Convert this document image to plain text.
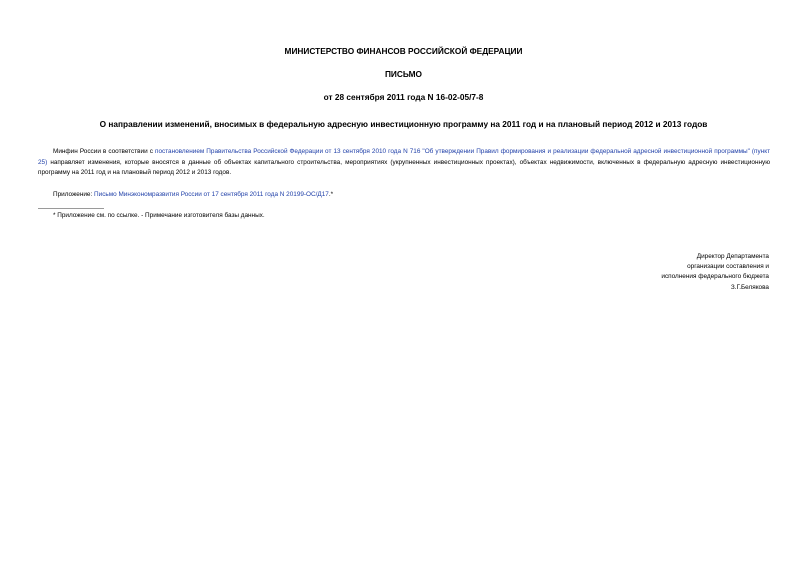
МИНИСТЕРСТВО ФИНАНСОВ РОССИЙСКОЙ ФЕДЕРАЦИИ
ПИСЬМО
от 28 сентября 2011 года N 16-02-05/7-8
О направлении изменений, вносимых в федеральную адресную инвестиционную программу на 2011 год и на плановый период 2012 и 2013 годов
Минфин России в соответствии с постановлением Правительства Российской Федерации от 13 сентября 2010 года N 716 "Об утверждении Правил формирования и реализации федеральной адресной инвестиционной программы" (пункт 25) направляет изменения, которые вносятся в данные об объектах капитального строительства, мероприятиях (укрупненных инвестиционных проектах), объектах недвижимости, включенных в федеральную адресную инвестиционную программу на 2011 год и на плановый период 2012 и 2013 годов.
Приложение: Письмо Минэкономразвития России от 17 сентября 2011 года N 20199-ОС/Д17.*
* Приложение см. по ссылке. - Примечание изготовителя базы данных.
Директор Департамента
организации составления и
исполнения федерального бюджета
З.Г.Белякова
